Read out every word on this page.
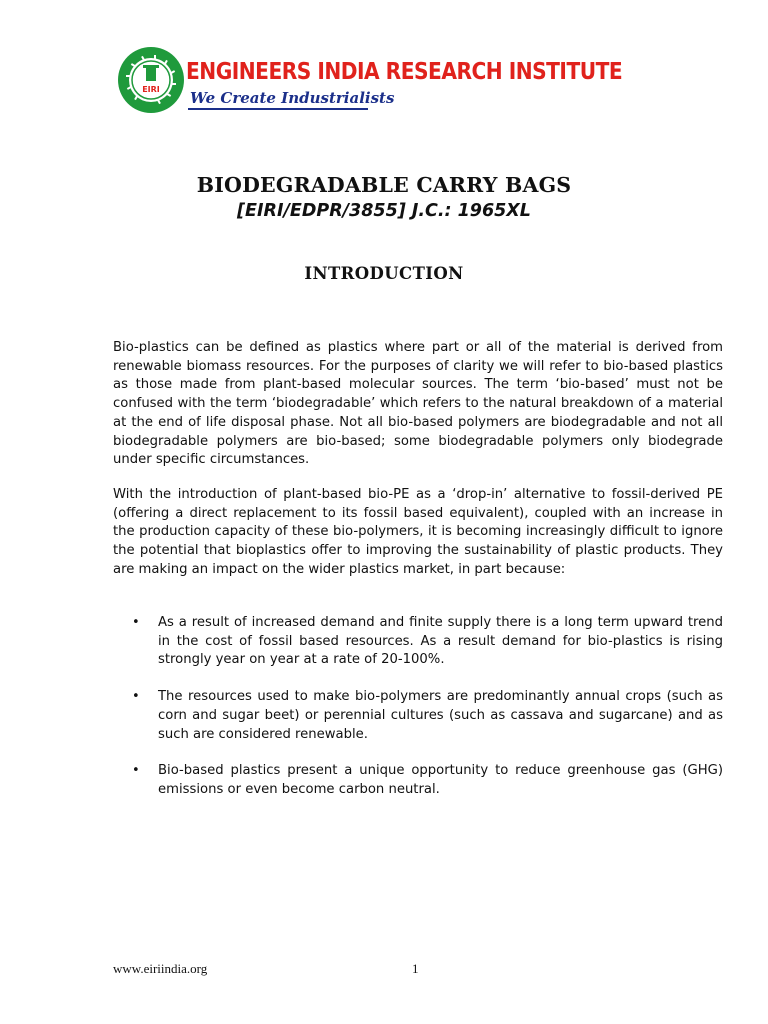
EIRI
ENGINEERS INDIA RESEARCH INSTITUTE
We Create Industrialists
BIODEGRADABLE CARRY BAGS
[EIRI/EDPR/3855] J.C.: 1965XL
INTRODUCTION

Bio-plastics can be defined as plastics where part or all of the material is derived from renewable biomass resources. For the purposes of clarity we will refer to bio-based plastics as those made from plant-based molecular sources. The term ‘bio-based’ must not be confused with the term ‘biodegradable’ which refers to the natural breakdown of a material at the end of life disposal phase. Not all bio-based polymers are biodegradable and not all biodegradable polymers are bio-based; some biodegradable polymers only biodegrade under specific circumstances.

With the introduction of plant-based bio-PE as a ‘drop-in’ alternative to fossil-derived PE (offering a direct replacement to its fossil based equivalent), coupled with an increase in the production capacity of these bio-polymers, it is becoming increasingly difficult to ignore the potential that bioplastics offer to improving the sustainability of plastic products. They are making an impact on the wider plastics market, in part because:

• As a result of increased demand and finite supply there is a long term upward trend in the cost of fossil based resources. As a result demand for bio-plastics is rising strongly year on year at a rate of 20-100%.
• The resources used to make bio-polymers are predominantly annual crops (such as corn and sugar beet) or perennial cultures (such as cassava and sugarcane) and as such are considered renewable.
• Bio-based plastics present a unique opportunity to reduce greenhouse gas (GHG) emissions or even become carbon neutral.
www.eiriindia.org	1
